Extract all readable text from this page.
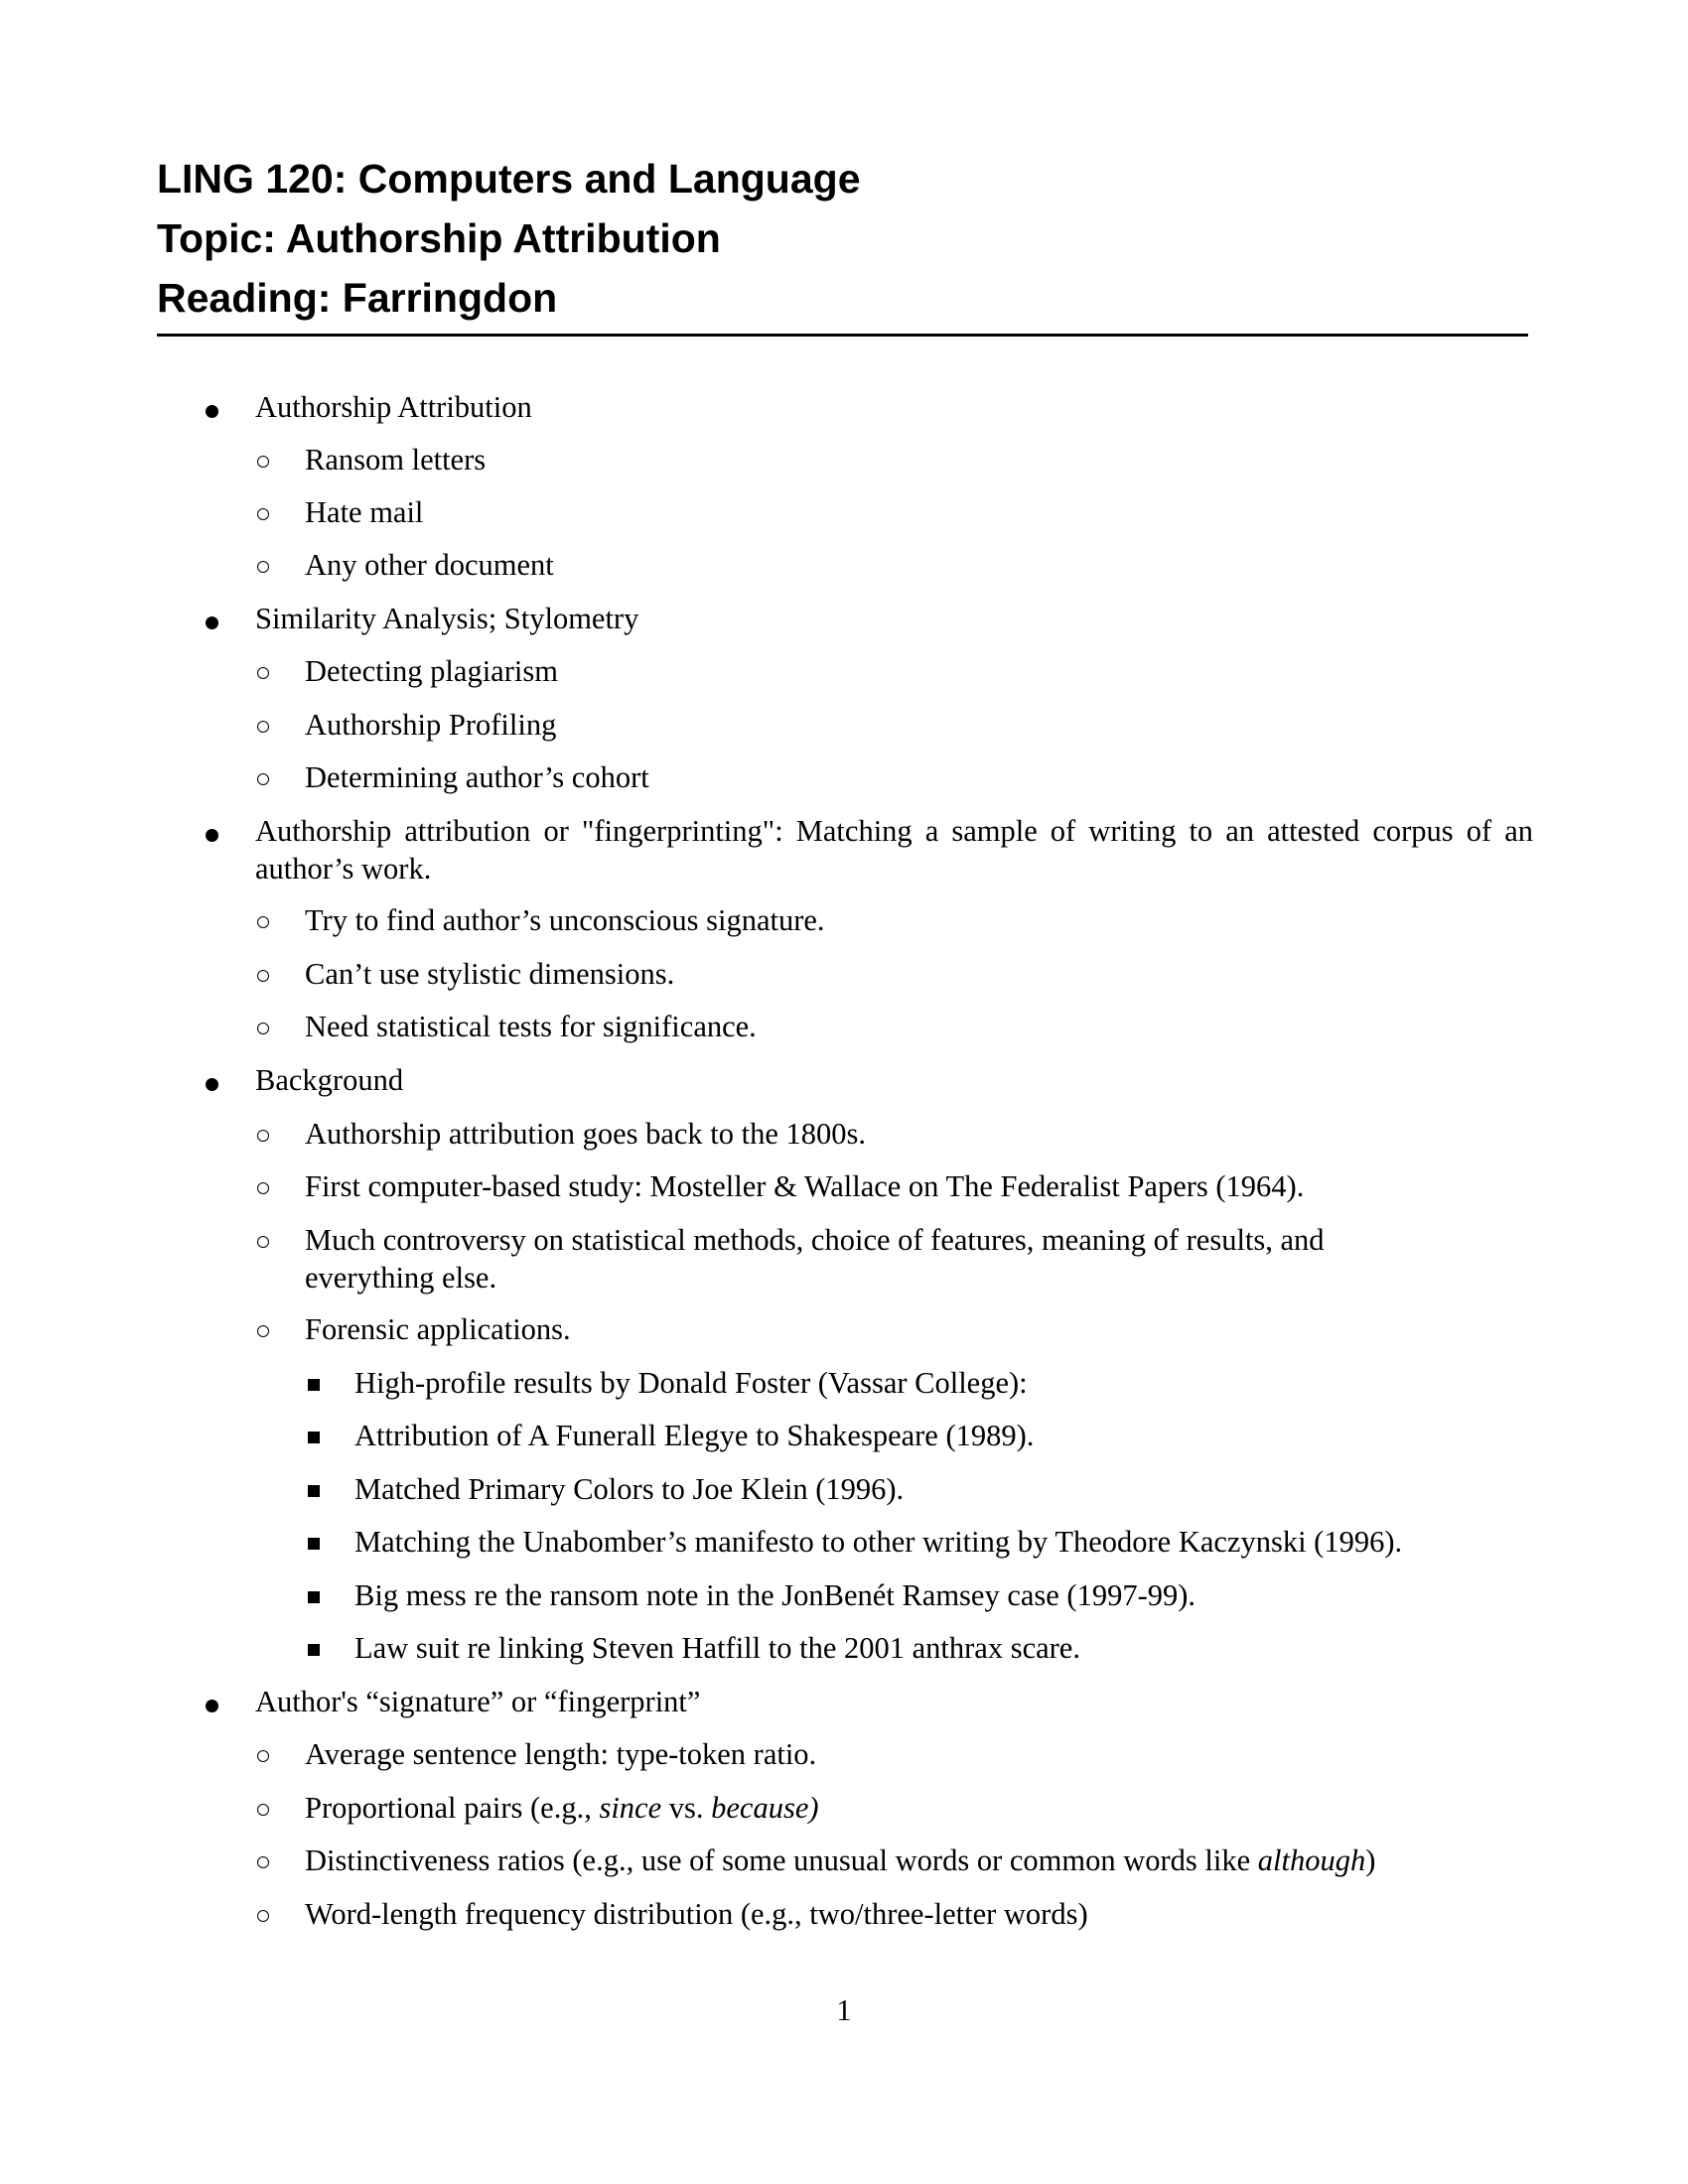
LING 120: Computers and Language
Topic: Authorship Attribution
Reading: Farringdon
Authorship Attribution
Ransom letters
Hate mail
Any other document
Similarity Analysis; Stylometry
Detecting plagiarism
Authorship Profiling
Determining author’s cohort
Authorship attribution or "fingerprinting": Matching a sample of writing to an attested corpus of an author’s work.
Try to find author’s unconscious signature.
Can’t use stylistic dimensions.
Need statistical tests for significance.
Background
Authorship attribution goes back to the 1800s.
First computer-based study: Mosteller & Wallace on The Federalist Papers (1964).
Much controversy on statistical methods, choice of features, meaning of results, and everything else.
Forensic applications.
High-profile results by Donald Foster (Vassar College):
Attribution of A Funerall Elegye to Shakespeare (1989).
Matched Primary Colors to Joe Klein (1996).
Matching the Unabomber’s manifesto to other writing by Theodore Kaczynski (1996).
Big mess re the ransom note in the JonBenét Ramsey case (1997-99).
Law suit re linking Steven Hatfill to the 2001 anthrax scare.
Author's “signature” or “fingerprint”
Average sentence length: type-token ratio.
Proportional pairs (e.g., since vs. because)
Distinctiveness ratios (e.g., use of some unusual words or common words like although)
Word-length frequency distribution (e.g., two/three-letter words)
1
